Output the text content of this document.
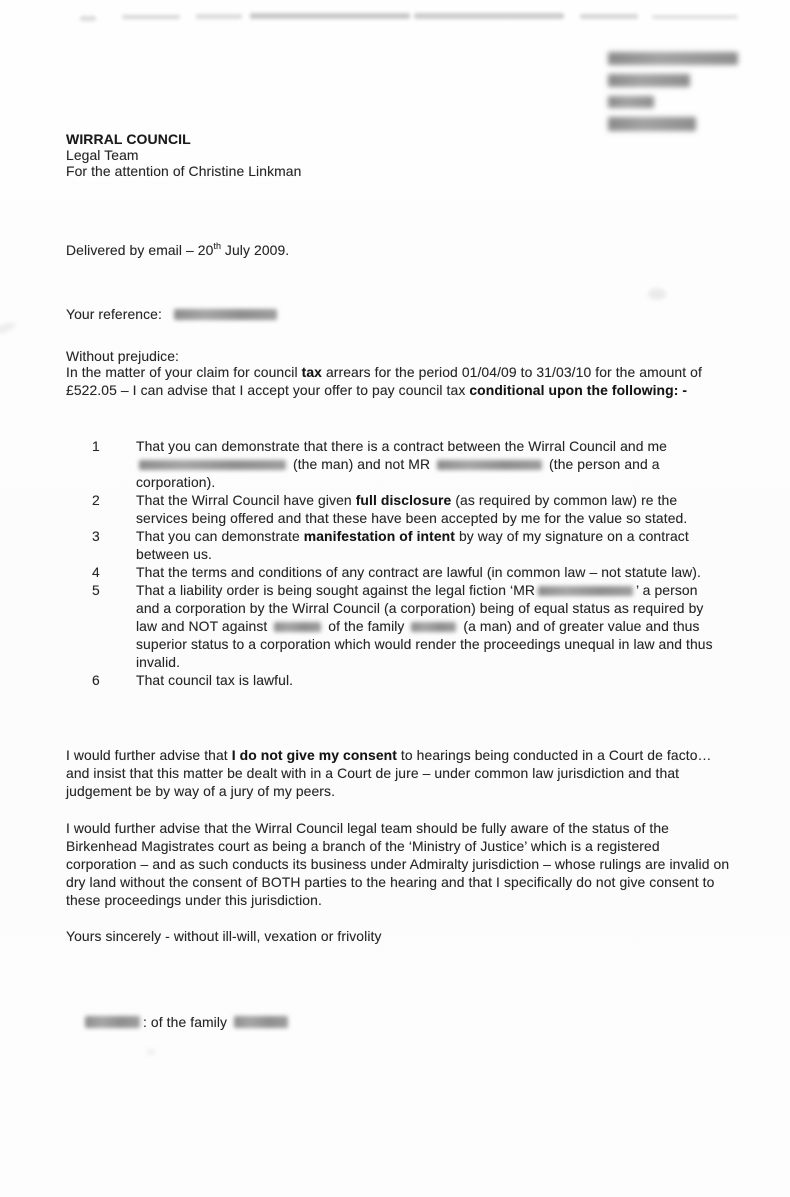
WIRRAL COUNCIL
Legal Team
For the attention of Christine Linkman
Delivered by email – 20th July 2009.
Your reference:
Without prejudice:
In the matter of your claim for council tax arrears for the period 01/04/09 to 31/03/10 for the amount of £522.05 – I can advise that I accept your offer to pay council tax conditional upon the following: -
1	That you can demonstrate that there is a contract between the Wirral Council and me  (the man) and not MR	(the person and a corporation).
2	That the Wirral Council have given full disclosure (as required by common law) re the services being offered and that these have been accepted by me for the value so stated.
3	That you can demonstrate manifestation of intent by way of my signature on a contract between us.
4	That the terms and conditions of any contract are lawful (in common law – not statute law).
5	That a liability order is being sought against the legal fiction ‘MR	’ a person and a corporation by the Wirral Council (a corporation) being of equal status as required by law and NOT against	of the family	(a man) and of greater value and thus superior status to a corporation which would render the proceedings unequal in law and thus invalid.
6	That council tax is lawful.
I would further advise that I do not give my consent to hearings being conducted in a Court de facto… and insist that this matter be dealt with in a Court de jure – under common law jurisdiction and that judgement be by way of a jury of my peers.
I would further advise that the Wirral Council legal team should be fully aware of the status of the Birkenhead Magistrates court as being a branch of the ‘Ministry of Justice’ which is a registered corporation – and as such conducts its business under Admiralty jurisdiction – whose rulings are invalid on dry land without the consent of BOTH parties to the hearing and that I specifically do not give consent to these proceedings under this jurisdiction.
Yours sincerely - without ill-will, vexation or frivolity
: of the family
